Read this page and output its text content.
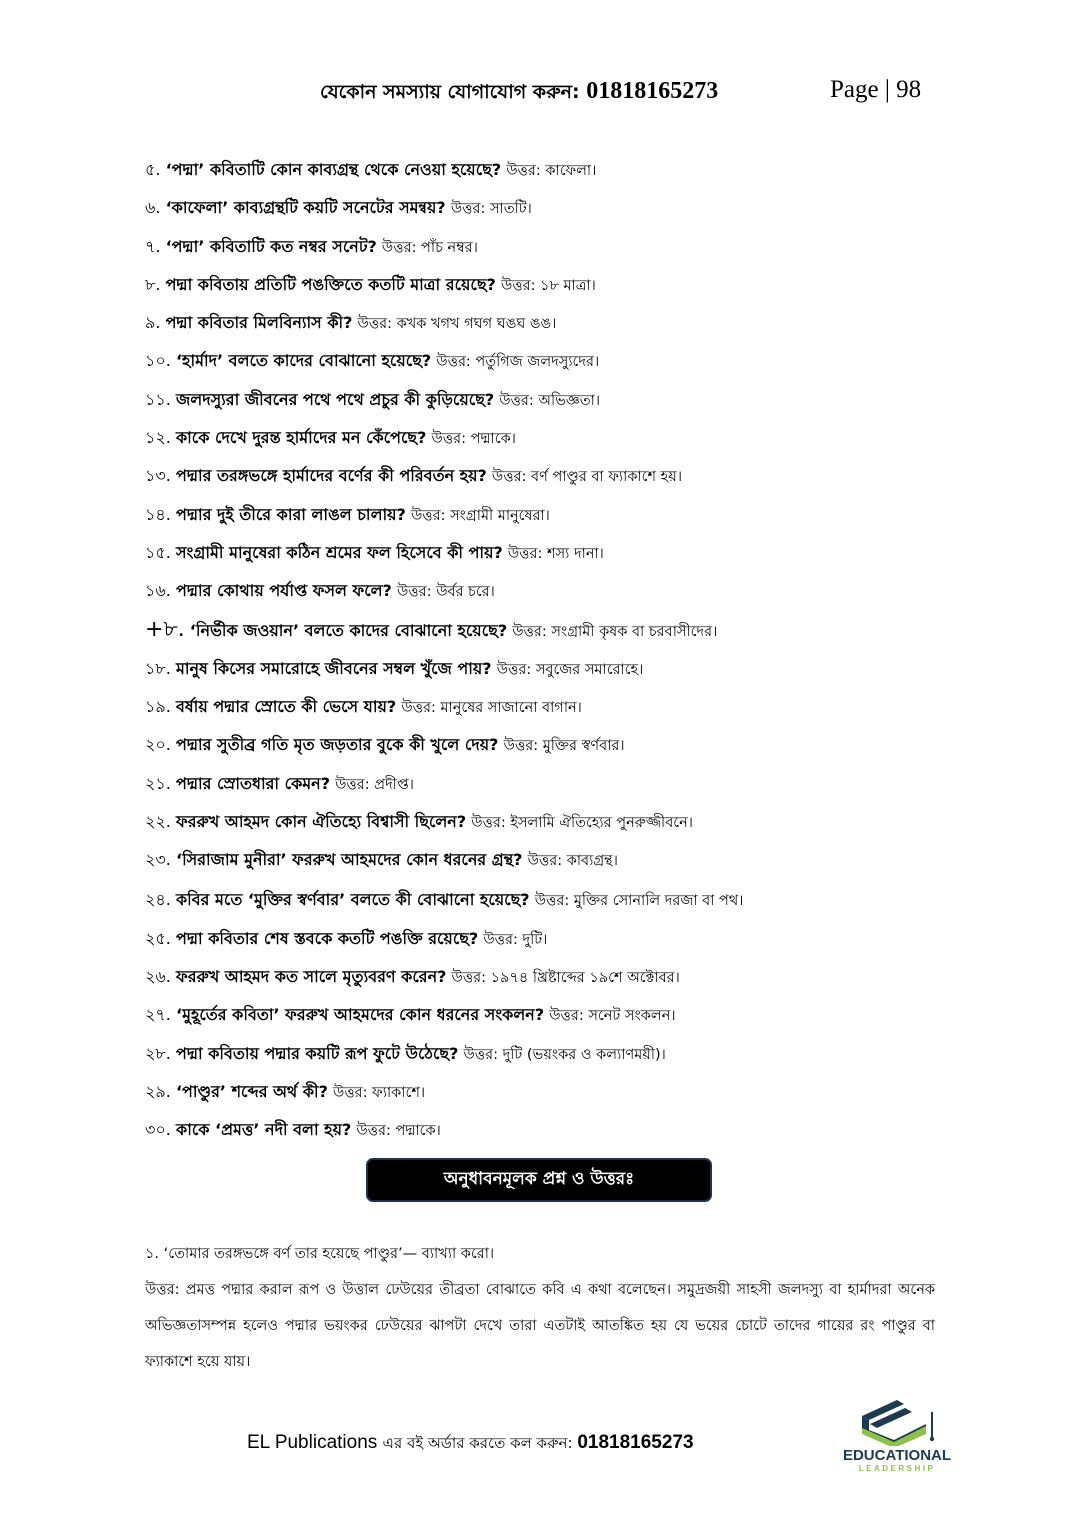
যেকোন সমস্যায় যোগাযোগ করুন: 01818165273	Page | 98
৫. ‘পদ্মা’ কবিতাটি কোন কাব্যগ্রন্থ থেকে নেওয়া হয়েছে? উত্তর: কাফেলা।
৬. ‘কাফেলা’ কাব্যগ্রন্থটি কয়টি সনেটের সমন্বয়? উত্তর: সাতটি।
৭. ‘পদ্মা’ কবিতাটি কত নম্বর সনেট? উত্তর: পাঁচ নম্বর।
৮. পদ্মা কবিতায় প্রতিটি পঙক্তিতে কতটি মাত্রা রয়েছে? উত্তর: ১৮ মাত্রা।
৯. পদ্মা কবিতার মিলবিন্যাস কী? উত্তর: কখক খগখ গঘগ ঘঙঘ ঙঙ।
১০. ‘হার্মাদ’ বলতে কাদের বোঝানো হয়েছে? উত্তর: পর্তুগিজ জলদস্যুদের।
১১. জলদস্যুরা জীবনের পথে পথে প্রচুর কী কুড়িয়েছে? উত্তর: অভিজ্ঞতা।
১২. কাকে দেখে দুরন্ত হার্মাদের মন কেঁপেছে? উত্তর: পদ্মাকে।
১৩. পদ্মার তরঙ্গভঙ্গে হার্মাদের বর্ণের কী পরিবর্তন হয়? উত্তর: বর্ণ পাণ্ডুর বা ফ্যাকাশে হয়।
১৪. পদ্মার দুই তীরে কারা লাঙল চালায়? উত্তর: সংগ্রামী মানুষেরা।
১৫. সংগ্রামী মানুষেরা কঠিন শ্রমের ফল হিসেবে কী পায়? উত্তর: শস্য দানা।
১৬. পদ্মার কোথায় পর্যাপ্ত ফসল ফলে? উত্তর: উর্বর চরে।
+৮. ‘নির্ভীক জওয়ান’ বলতে কাদের বোঝানো হয়েছে? উত্তর: সংগ্রামী কৃষক বা চরবাসীদের।
১৮. মানুষ কিসের সমারোহে জীবনের সম্বল খুঁজে পায়? উত্তর: সবুজের সমারোহে।
১৯. বর্ষায় পদ্মার স্রোতে কী ভেসে যায়? উত্তর: মানুষের সাজানো বাগান।
২০. পদ্মার সুতীব্র গতি মৃত জড়তার বুকে কী খুলে দেয়? উত্তর: মুক্তির স্বর্ণবার।
২১. পদ্মার স্রোতধারা কেমন? উত্তর: প্রদীপ্ত।
২২. ফররুখ আহমদ কোন ঐতিহ্যে বিশ্বাসী ছিলেন? উত্তর: ইসলামি ঐতিহ্যের পুনরুজ্জীবনে।
২৩. ‘সিরাজাম মুনীরা’ ফররুখ আহমদের কোন ধরনের গ্রন্থ? উত্তর: কাব্যগ্রন্থ।
২৪. কবির মতে ‘মুক্তির স্বর্ণবার’ বলতে কী বোঝানো হয়েছে? উত্তর: মুক্তির সোনালি দরজা বা পথ।
২৫. পদ্মা কবিতার শেষ স্তবকে কতটি পঙক্তি রয়েছে? উত্তর: দুটি।
২৬. ফররুখ আহমদ কত সালে মৃত্যুবরণ করেন? উত্তর: ১৯৭৪ খ্রিষ্টাব্দের ১৯শে অক্টোবর।
২৭. ‘মুহূর্তের কবিতা’ ফররুখ আহমদের কোন ধরনের সংকলন? উত্তর: সনেট সংকলন।
২৮. পদ্মা কবিতায় পদ্মার কয়টি রূপ ফুটে উঠেছে? উত্তর: দুটি (ভয়ংকর ও কল্যাণময়ী)।
২৯. ‘পাণ্ডুর’ শব্দের অর্থ কী? উত্তর: ফ্যাকাশে।
৩০. কাকে ‘প্রমত্ত’ নদী বলা হয়? উত্তর: পদ্মাকে।
অনুধাবনমূলক প্রশ্ন ও উত্তরঃ

১. ‘তোমার তরঙ্গভঙ্গে বর্ণ তার হয়েছে পাণ্ডুর’— ব্যাখ্যা করো।

উত্তর: প্রমত্ত পদ্মার করাল রূপ ও উত্তাল ঢেউয়ের তীব্রতা বোঝাতে কবি এ কথা বলেছেন। সমুদ্রজয়ী সাহসী জলদস্যু বা হার্মাদরা অনেক অভিজ্ঞতাসম্পন্ন হলেও পদ্মার ভয়ংকর ঢেউয়ের ঝাপটা দেখে তারা এতটাই আতঙ্কিত হয় যে ভয়ের চোটে তাদের গায়ের রং পাণ্ডুর বা ফ্যাকাশে হয়ে যায়।

EL Publications এর বই অর্ডার করতে কল করুন: 01818165273
EDUCATIONAL
LEADERSHIP
